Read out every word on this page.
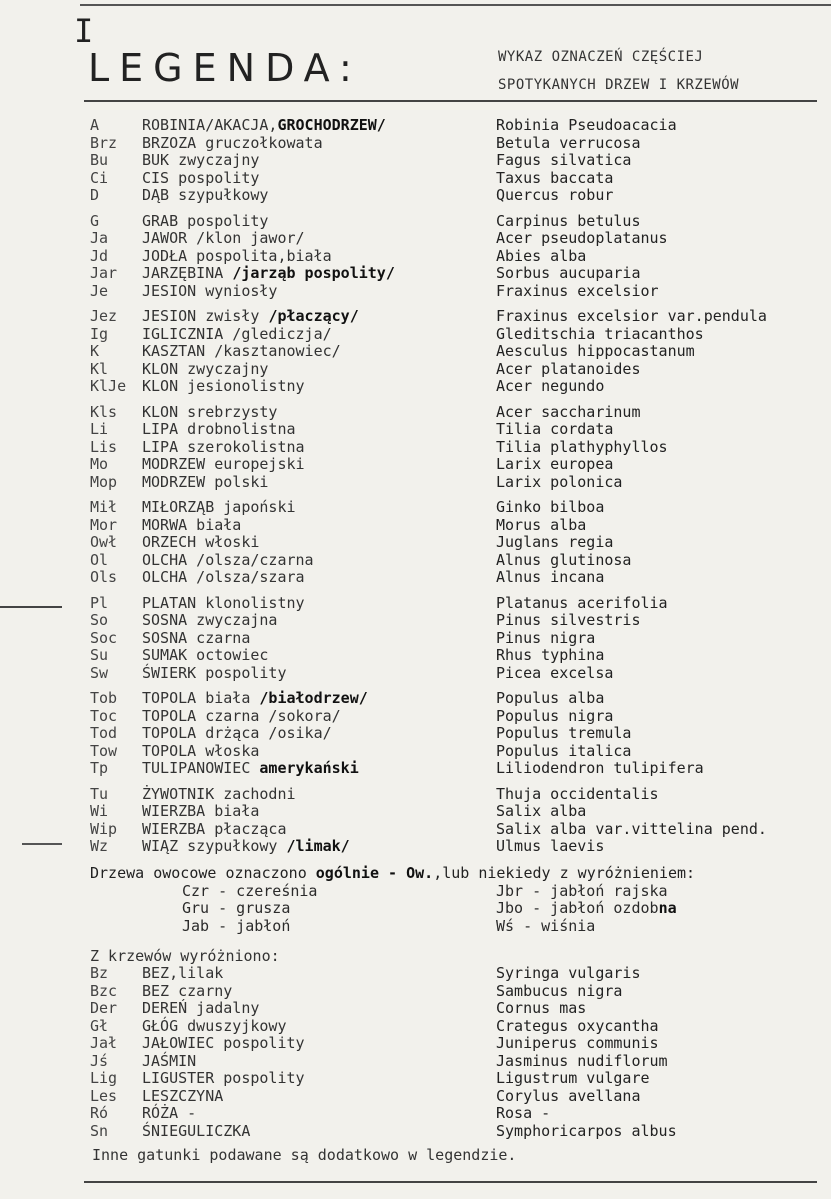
I
LEGENDA:	WYKAZ OZNACZEŃ CZĘŚCIEJ
SPOTYKANYCH DRZEW I KRZEWÓW
A	ROBINIA/AKACJA,GROCHODRZEW/	Robinia Pseudoacacia
Brz BRZOZA gruczołkowata	Betula verrucosa
Bu BUK zwyczajny	Fagus silvatica
Ci CIS pospolity	Taxus baccata
D	DĄB szypułkowy	Quercus robur
G	GRAB pospolity	Carpinus betulus
Ja JAWOR /klon jawor/	Acer pseudoplatanus
Jd JODŁA pospolita,biała	Abies alba
Jar JARZĘBINA /jarząb pospolity/	Sorbus aucuparia
Je JESION wyniosły	Fraxinus excelsior
Jez JESION zwisły /płaczący/	Fraxinus excelsior var.pendula
Ig IGLICZNIA /glediczja/	Gleditschia triacanthos
K	KASZTAN /kasztanowiec/	Aesculus hippocastanum
Kl KLON zwyczajny	Acer platanoides
KlJe KLON jesionolistny	Acer negundo
Kls KLON srebrzysty	Acer saccharinum
Li LIPA drobnolistna	Tilia cordata
Lis LIPA szerokolistna	Tilia plathyphyllos
Mo MODRZEW europejski	Larix europea
Mop MODRZEW polski	Larix polonica
Mił MIŁORZĄB japoński	Ginko bilboa
Mor MORWA biała	Morus alba
Owł ORZECH włoski	Juglans regia
Ol OLCHA /olsza/czarna	Alnus glutinosa
Ols OLCHA /olsza/szara	Alnus incana
Pl PLATAN klonolistny	Platanus acerifolia
So SOSNA zwyczajna	Pinus silvestris
Soc SOSNA czarna	Pinus nigra
Su SUMAK octowiec	Rhus typhina
Sw ŚWIERK pospolity	Picea excelsa
Tob TOPOLA biała /białodrzew/	Populus alba
Toc TOPOLA czarna /sokora/	Populus nigra
Tod TOPOLA drżąca /osika/	Populus tremula
Tow TOPOLA włoska	Populus italica
Tp TULIPANOWIEC amerykański	Liliodendron tulipifera
Tu ŻYWOTNIK zachodni	Thuja occidentalis
Wi WIERZBA biała	Salix alba
Wip WIERZBA płacząca	Salix alba var.vittelina pend.
Wz WIĄZ szypułkowy /limak/	Ulmus laevis
Drzewa owocowe oznaczono ogólnie - Ow.,lub niekiedy z wyróżnieniem:
Czr - czereśnia	Jbr - jabłoń rajska
Gru - grusza	Jbo - jabłoń ozdobna
Jab - jabłoń	Wś - wiśnia
Z krzewów wyróżniono:
Bz BEZ,lilak	Syringa vulgaris
Bzc BEZ czarny	Sambucus nigra
Der DEREŃ jadalny	Cornus mas
Gł GŁÓG dwuszyjkowy	Crategus oxycantha
Jał JAŁOWIEC pospolity	Juniperus communis
Jś JAŚMIN	Jasminus nudiflorum
Lig LIGUSTER pospolity	Ligustrum vulgare
Les LESZCZYNA	Corylus avellana
Ró RÓŻA -	Rosa -
Sn ŚNIEGULICZKA	Symphoricarpos albus
Inne gatunki podawane są dodatkowo w legendzie.
